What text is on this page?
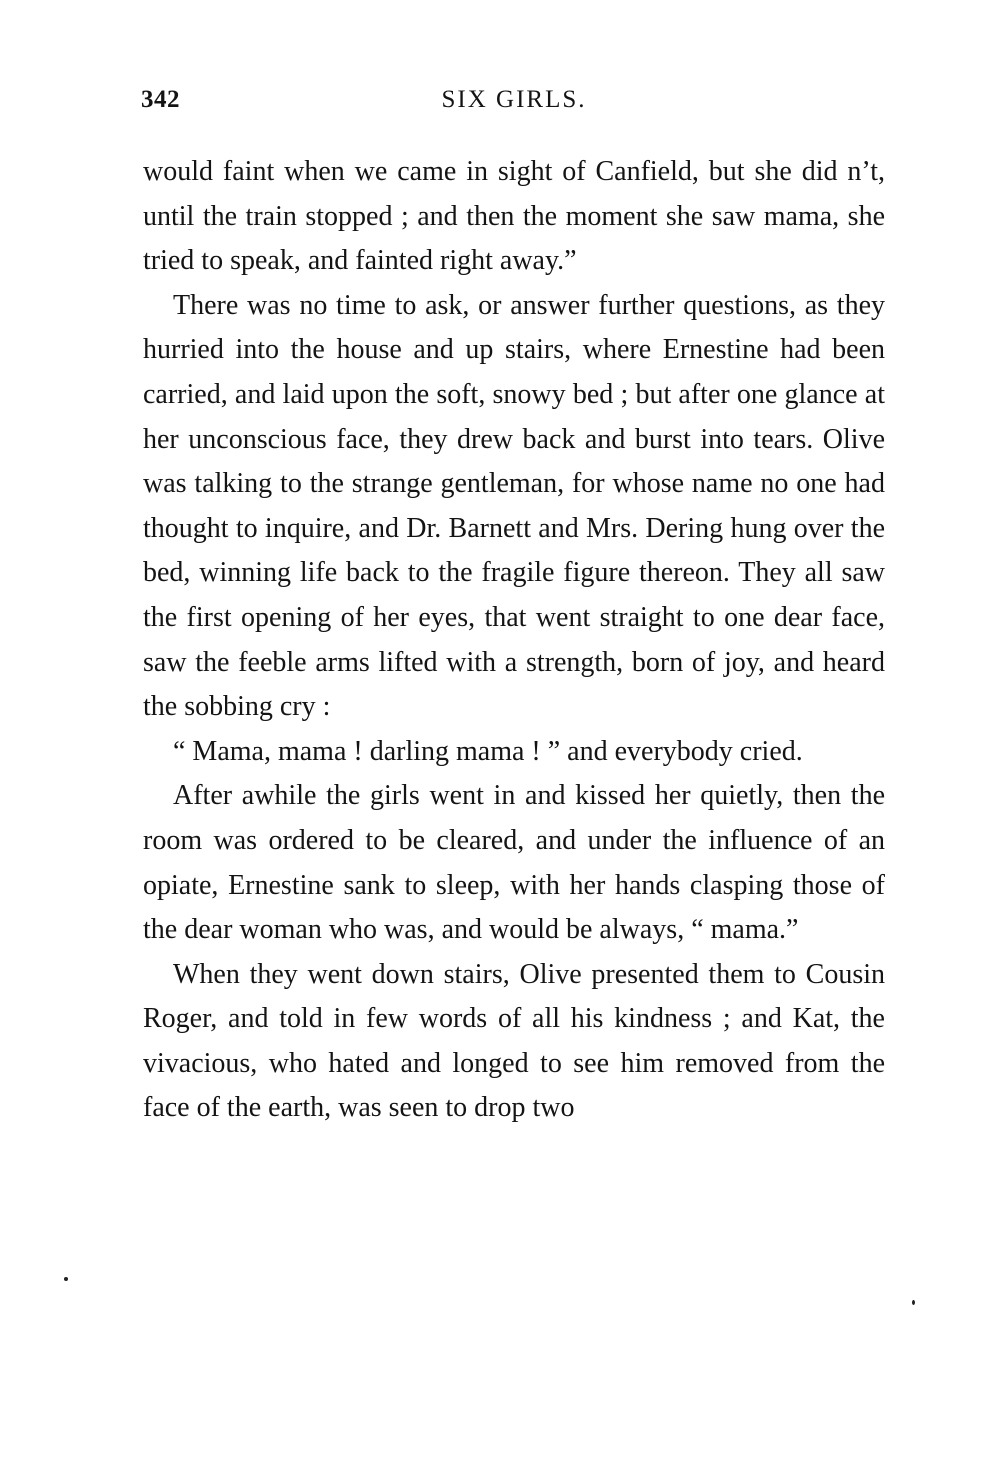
342	SIX GIRLS.

would faint when we came in sight of Canfield, but she did n’t, until the train stopped ; and then the moment she saw mama, she tried to speak, and fainted right away.”

There was no time to ask, or answer further questions, as they hurried into the house and up stairs, where Ernestine had been carried, and laid upon the soft, snowy bed ; but after one glance at her unconscious face, they drew back and burst into tears. Olive was talking to the strange gentleman, for whose name no one had thought to inquire, and Dr. Barnett and Mrs. Dering hung over the bed, winning life back to the fragile figure thereon. They all saw the first opening of her eyes, that went straight to one dear face, saw the feeble arms lifted with a strength, born of joy, and heard the sobbing cry :

“ Mama, mama ! darling mama ! ” and everybody cried.

After awhile the girls went in and kissed her quietly, then the room was ordered to be cleared, and under the influence of an opiate, Ernestine sank to sleep, with her hands clasping those of the dear woman who was, and would be always, “ mama.”

When they went down stairs, Olive presented them to Cousin Roger, and told in few words of all his kindness ; and Kat, the vivacious, who hated and longed to see him removed from the face of the earth, was seen to drop two
